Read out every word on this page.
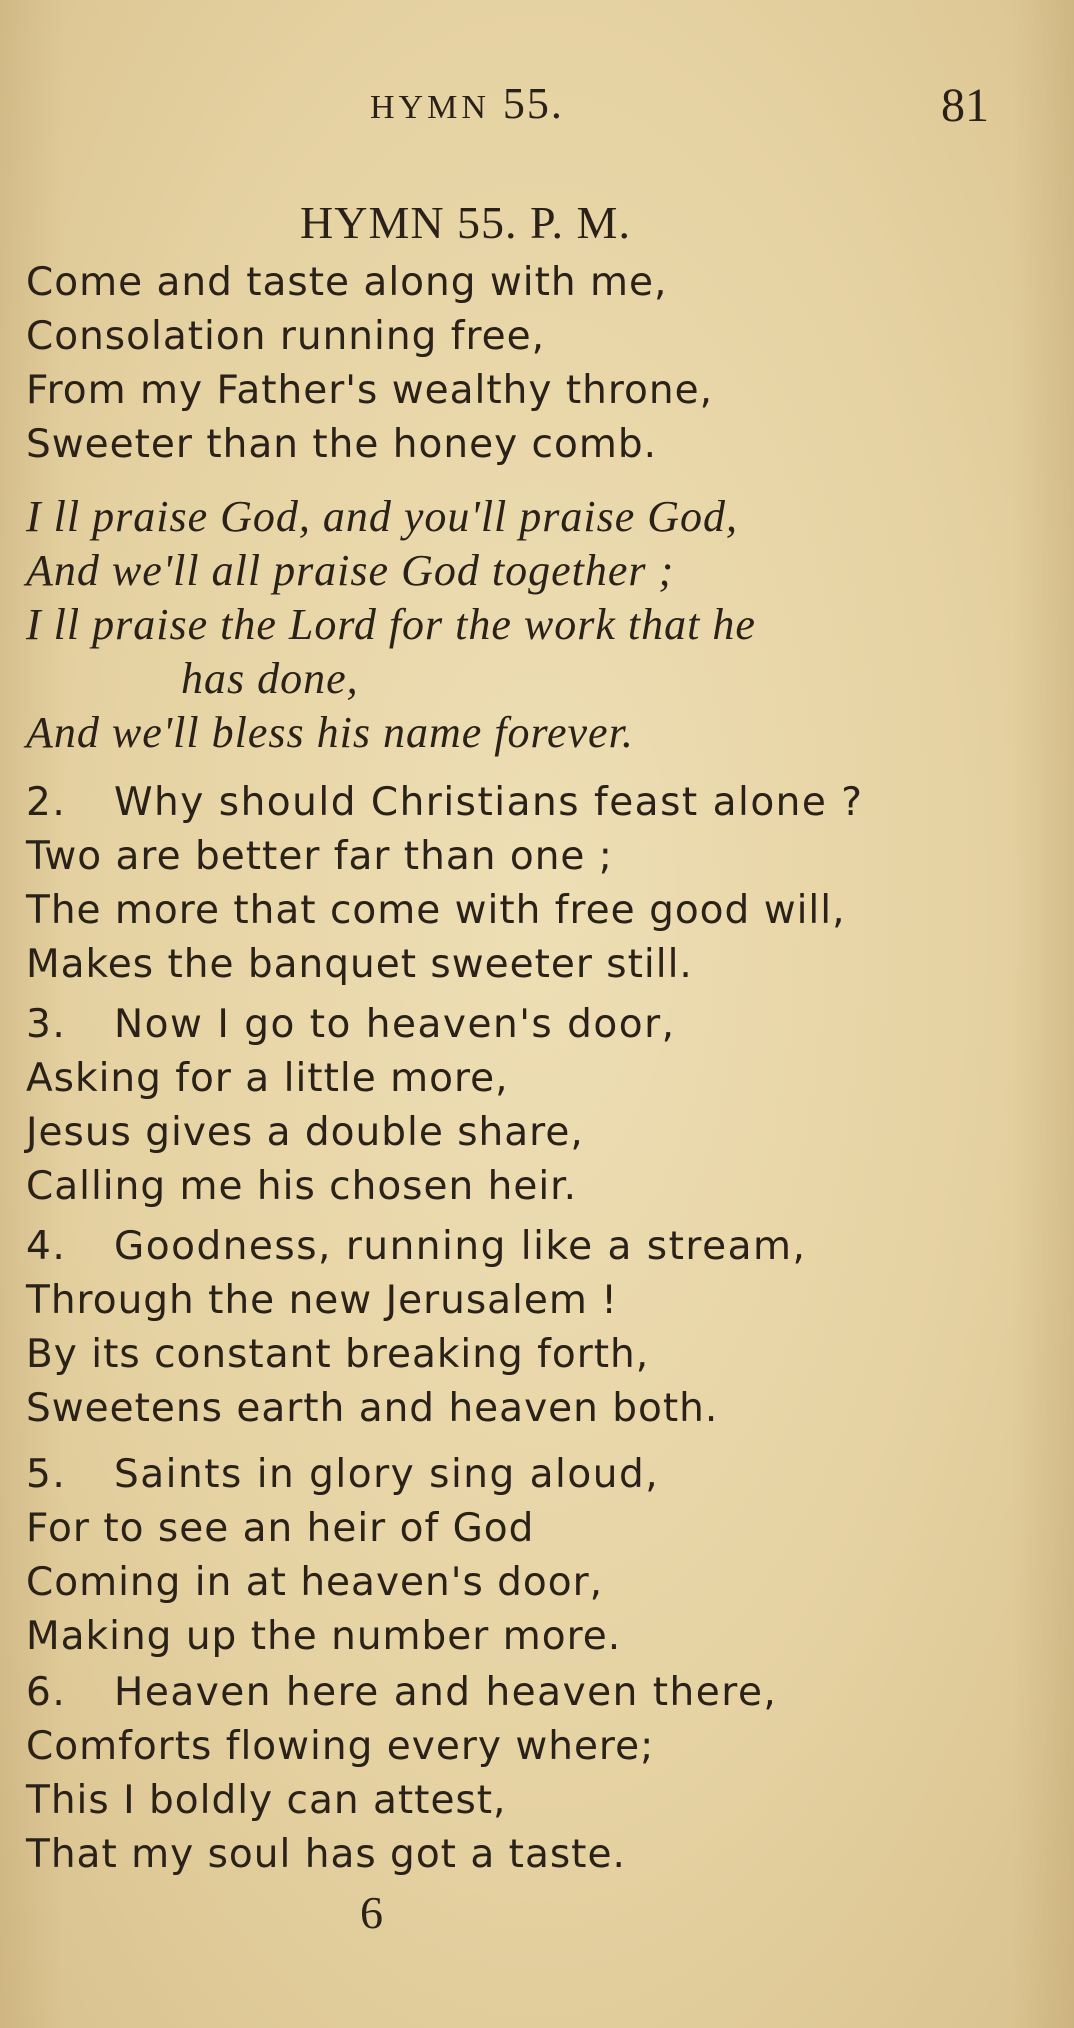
HYMN 55.	81
HYMN 55. P. M.
Come and taste along with me,
Consolation running free,
From my Father's wealthy throne,
Sweeter than the honey comb.
I ll praise God, and you'll praise God,
And we'll all praise God together ;
I ll praise the Lord for the work that he
has done,
And we'll bless his name forever.
2. Why should Christians feast alone ?
Two are better far than one ;
The more that come with free good will,
Makes the banquet sweeter still.
3. Now I go to heaven's door,
Asking for a little more,
Jesus gives a double share,
Calling me his chosen heir.
4. Goodness, running like a stream,
Through the new Jerusalem !
By its constant breaking forth,
Sweetens earth and heaven both.
5. Saints in glory sing aloud,
For to see an heir of God
Coming in at heaven's door,
Making up the number more.
6. Heaven here and heaven there,
Comforts flowing every where;
This I boldly can attest,
That my soul has got a taste.
6
